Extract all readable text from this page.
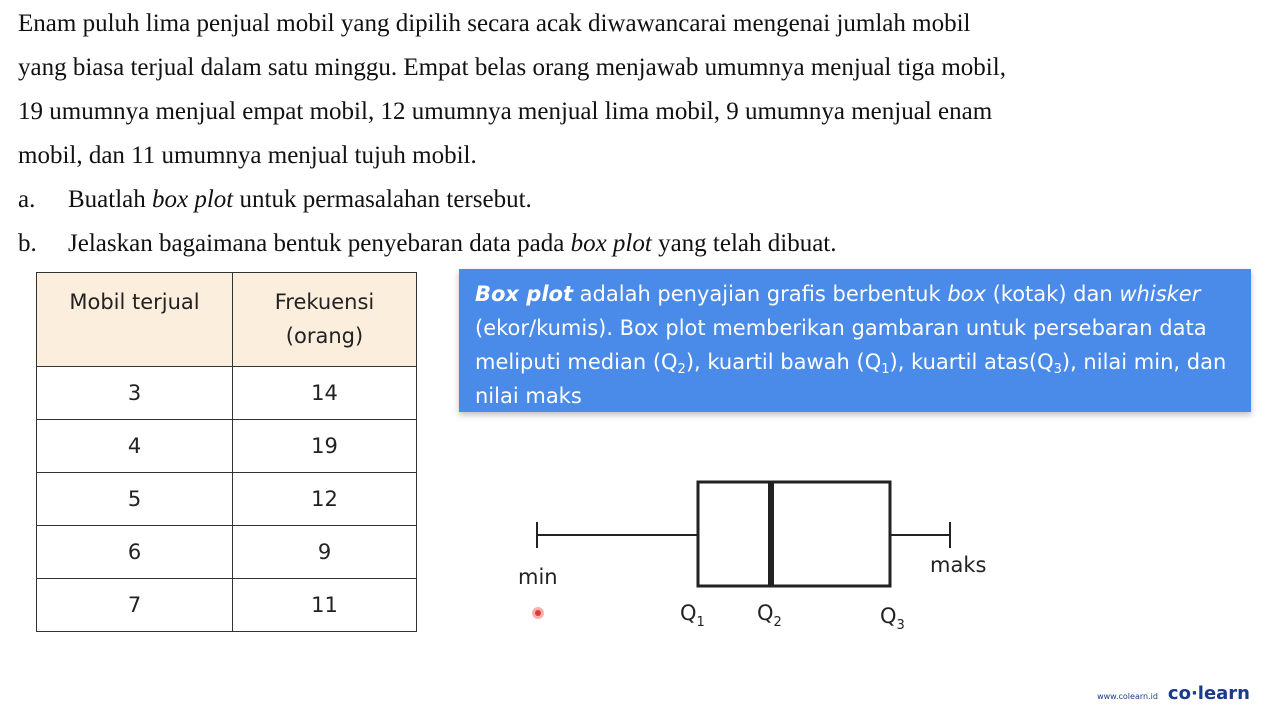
Enam puluh lima penjual mobil yang dipilih secara acak diwawancarai mengenai jumlah mobil

yang biasa terjual dalam satu minggu. Empat belas orang menjawab umumnya menjual tiga mobil,

19 umumnya menjual empat mobil, 12 umumnya menjual lima mobil, 9 umumnya menjual enam

mobil, dan 11 umumnya menjual tujuh mobil.

a.	Buatlah box plot untuk permasalahan tersebut.
b.	Jelaskan bagaimana bentuk penyebaran data pada box plot yang telah dibuat.
Mobil terjual	Frekuensi (orang)
3	14
4	19
5	12
6	9
7	11
Box plot adalah penyajian grafis berbentuk box (kotak) dan whisker (ekor/kumis). Box plot memberikan gambaran untuk persebaran data meliputi median $(Q_2)$, kuartil bawah $(Q_1)$, kuartil $atas(Q_3)$, nilai min, dan nilai maks
min	maks
$Q_1$ $Q_2$	$Q_3$
www.colearn.id co·learn
